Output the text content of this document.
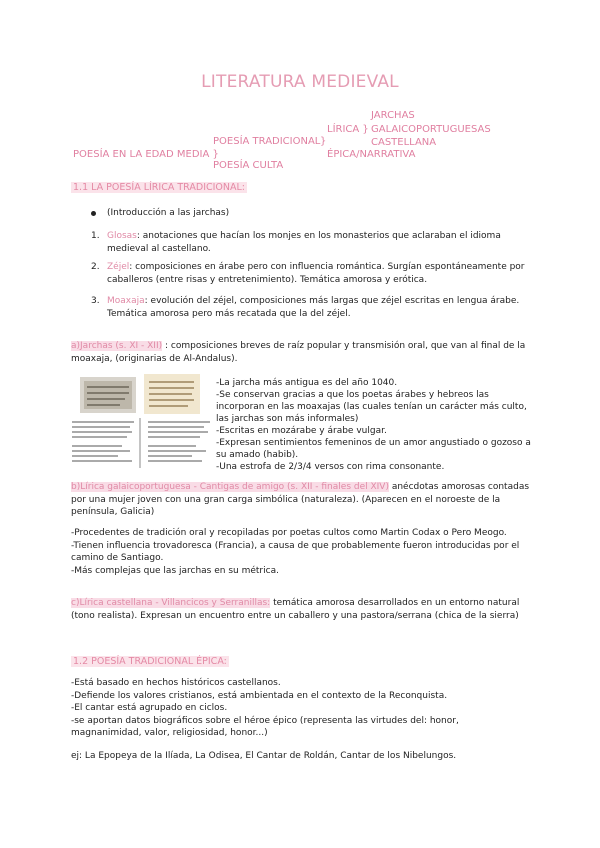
LITERATURA MEDIEVAL
JARCHAS
LÍRICA } GALAICOPORTUGUESAS
POESÍA TRADICIONAL }	CASTELLANA
POESÍA EN LA EDAD MEDIA }	ÉPICA/NARRATIVA
POESÍA CULTA
1.1 LA POESÍA LÍRICA TRADICIONAL:
(Introducción a las jarchas)
1. Glosas: anotaciones que hacían los monjes en los monasterios que aclaraban el idioma medieval al castellano.
2. Zéjel: composiciones en árabe pero con influencia romántica. Surgían espontáneamente por caballeros (entre risas y entretenimiento). Temática amorosa y erótica.
3. Moaxaja: evolución del zéjel, composiciones más largas que zéjel escritas en lengua árabe. Temática amorosa pero más recatada que la del zéjel.
a)Jarchas (s. XI - XII) : composiciones breves de raíz popular y transmisión oral, que van al final de la moaxaja, (originarias de Al-Andalus).
-La jarcha más antigua es del año 1040.
-Se conservan gracias a que los poetas árabes y hebreos las incorporan en las moaxajas (las cuales tenían un carácter más culto, las jarchas son más informales)
-Escritas en mozárabe y árabe vulgar.
-Expresan sentimientos femeninos de un amor angustiado o gozoso a su amado (habib).
-Una estrofa de 2/3/4 versos con rima consonante.
b)Lírica galaicoportuguesa - Cantigas de amigo (s. XII - finales del XIV) anécdotas amorosas contadas por una mujer joven con una gran carga simbólica (naturaleza). (Aparecen en el noroeste de la península, Galicia)
-Procedentes de tradición oral y recopiladas por poetas cultos como Martin Codax o Pero Meogo.
-Tienen influencia trovadoresca (Francia), a causa de que probablemente fueron introducidas por el camino de Santiago.
-Más complejas que las jarchas en su métrica.
c)Lírica castellana - Villancicos y Serranillas: temática amorosa desarrollados en un entorno natural (tono realista). Expresan un encuentro entre un caballero y una pastora/serrana (chica de la sierra)
1.2 POESÍA TRADICIONAL ÉPICA:
-Está basado en hechos históricos castellanos.
-Defiende los valores cristianos, está ambientada en el contexto de la Reconquista.
-El cantar está agrupado en ciclos.
-se aportan datos biográficos sobre el héroe épico (representa las virtudes del: honor, magnanimidad, valor, religiosidad, honor...)
ej: La Epopeya de la Ilíada, La Odisea, El Cantar de Roldán, Cantar de los Nibelungos.
